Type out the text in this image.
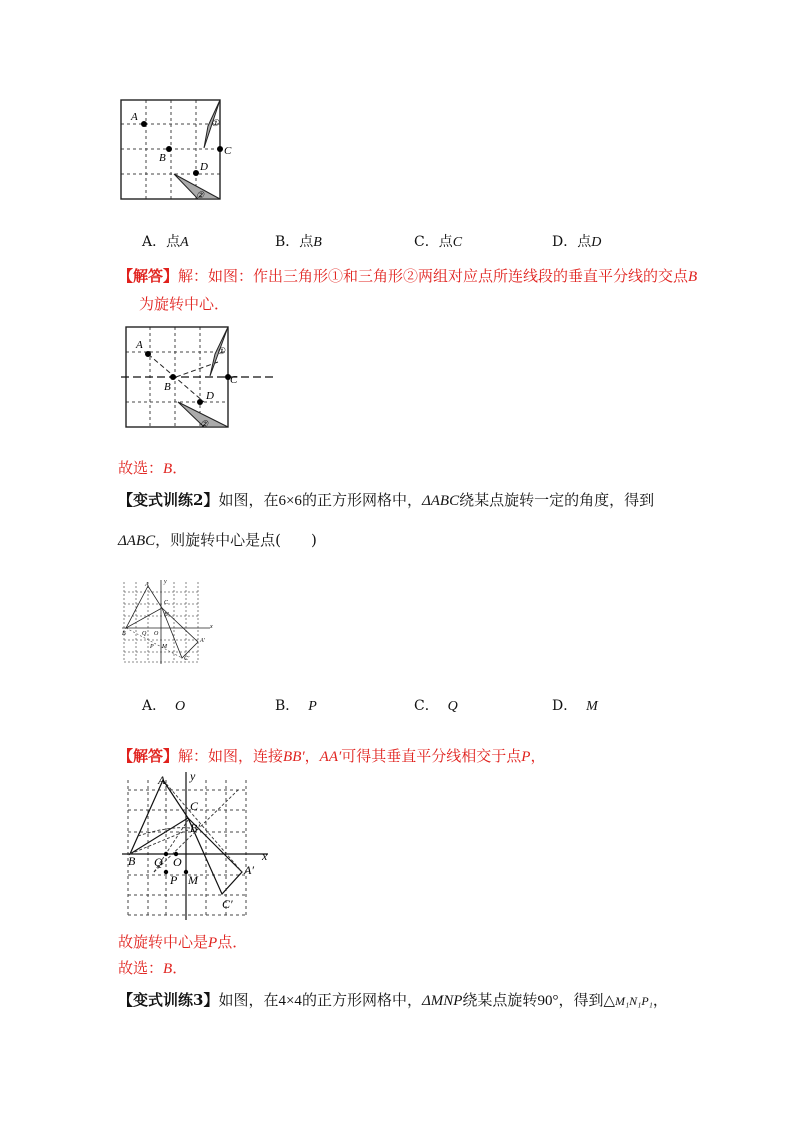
A
B
C
D
①
②
A．点A	B．点B	C．点C	D．点D
【解答】解：如图：作出三角形①和三角形②两组对应点所连线段的垂直平分线的交点B
为旋转中心．
A
B
C
D
①
②
故选：B．
【变式训练2】如图，在6×6的正方形网格中，ΔABC绕某点旋转一定的角度，得到
ΔABC，则旋转中心是点(　　)
A
B
C
B′
A′
C′
Q O
P M
x
y
A． O	B． P	C． Q	D． M
【解答】解：如图，连接BB′，AA′可得其垂直平分线相交于点P，
A
B
C
B′
A′
C′
Q O
P M
x
y
故旋转中心是P点．
故选：B．
【变式训练3】如图，在4×4的正方形网格中，ΔMNP绕某点旋转90°，得到△M₁N₁P₁，
